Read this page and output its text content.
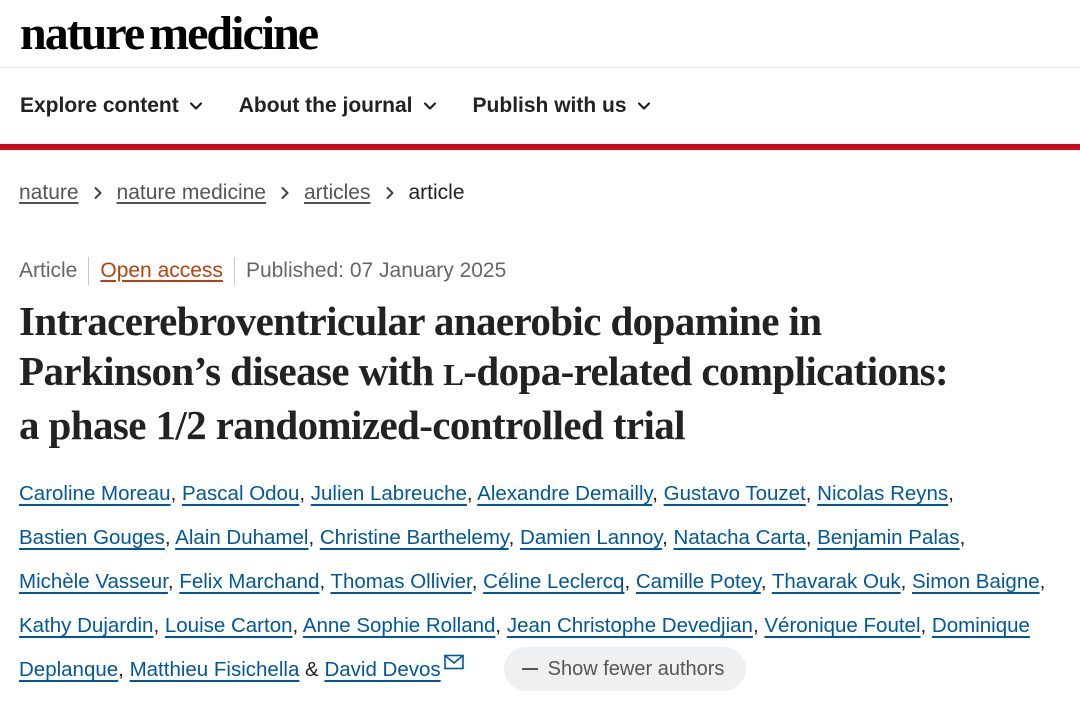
nature medicine
Explore content	About the journal	Publish with us
nature nature medicine articles article
Article Open access Published: 07 January 2025
Intracerebroventricular anaerobic dopamine in
Parkinson’s disease with L-dopa-related complications:
a phase 1/2 randomized-controlled trial
Caroline Moreau, Pascal Odou, Julien Labreuche, Alexandre Demailly, Gustavo Touzet, Nicolas Reyns,
Bastien Gouges, Alain Duhamel, Christine Barthelemy, Damien Lannoy, Natacha Carta, Benjamin Palas,
Michèle Vasseur, Felix Marchand, Thomas Ollivier, Céline Leclercq, Camille Potey, Thavarak Ouk, Simon Baigne, Kathy Dujardin, Louise Carton, Anne Sophie Rolland, Jean Christophe Devedjian, Véronique Foutel, Dominique Deplanque, Matthieu Fisichella & David Devos	Show fewer authors
